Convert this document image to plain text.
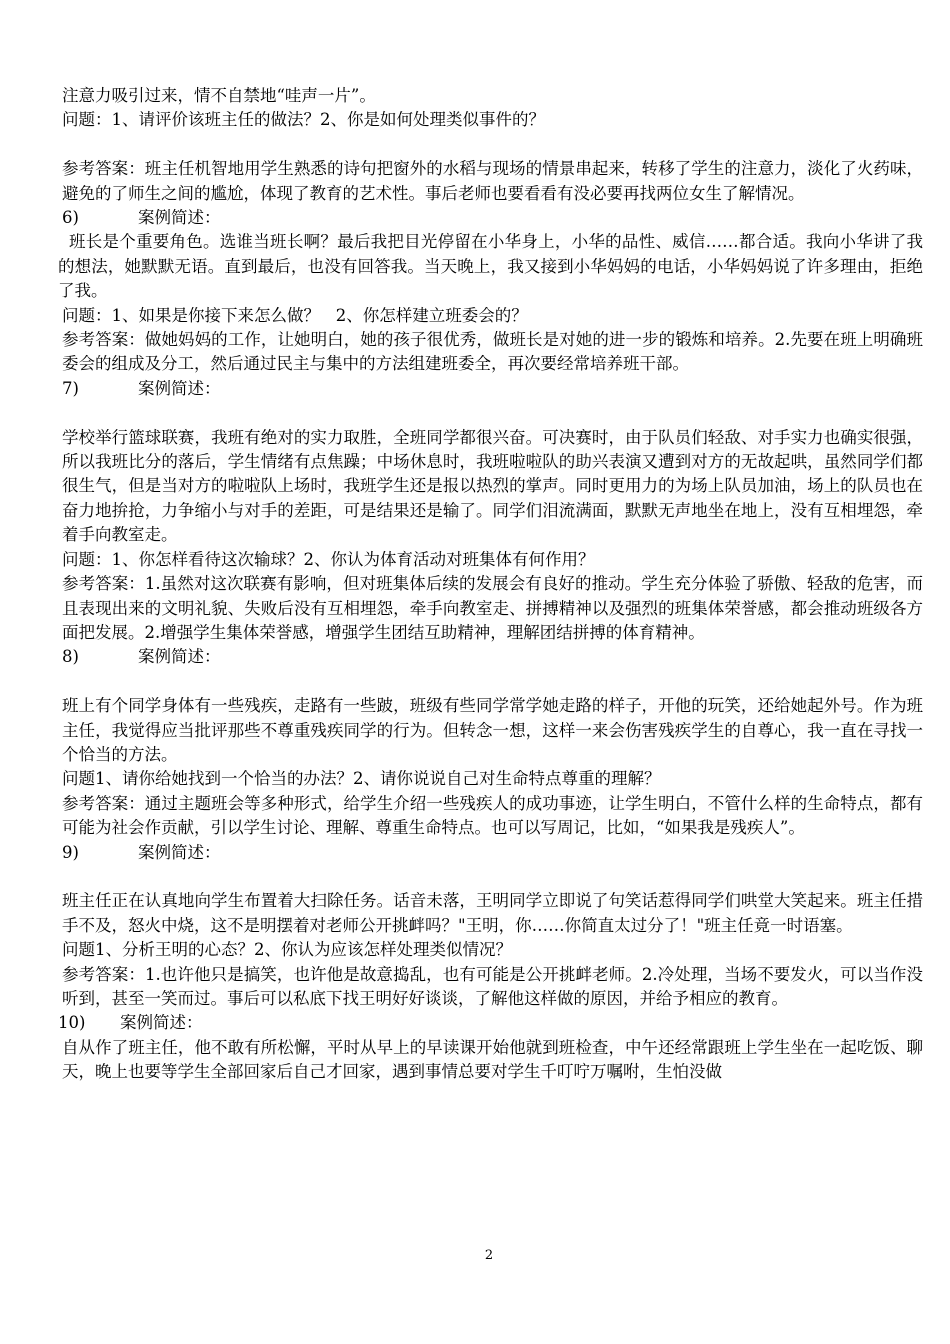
注意力吸引过来，情不自禁地“哇声一片”。

问题：1、请评价该班主任的做法？2、你是如何处理类似事件的？

参考答案：班主任机智地用学生熟悉的诗句把窗外的水稻与现场的情景串起来，转移了学生的注意力，淡化了火药味，避免的了师生之间的尴尬，体现了教育的艺术性。事后老师也要看看有没必要再找两位女生了解情况。

6)	案例简述：

班长是个重要角色。选谁当班长啊？最后我把目光停留在小华身上，小华的品性、威信……都合适。我向小华讲了我的想法，她默默无语。直到最后，也没有回答我。当天晚上，我又接到小华妈妈的电话，小华妈妈说了许多理由，拒绝了我。

问题：1、如果是你接下来怎么做？   2、你怎样建立班委会的？

参考答案：做她妈妈的工作，让她明白，她的孩子很优秀，做班长是对她的进一步的锻炼和培养。2.先要在班上明确班委会的组成及分工，然后通过民主与集中的方法组建班委全，再次要经常培养班干部。

7)	案例简述：

学校举行篮球联赛，我班有绝对的实力取胜，全班同学都很兴奋。可决赛时，由于队员们轻敌、对手实力也确实很强，所以我班比分的落后，学生情绪有点焦躁；中场休息时，我班啦啦队的助兴表演又遭到对方的无故起哄，虽然同学们都很生气，但是当对方的啦啦队上场时，我班学生还是报以热烈的掌声。同时更用力的为场上队员加油，场上的队员也在奋力地拚抢，力争缩小与对手的差距，可是结果还是输了。同学们泪流满面，默默无声地坐在地上，没有互相埋怨，牵着手向教室走。

问题：1、你怎样看待这次输球？2、你认为体育活动对班集体有何作用？

参考答案：1.虽然对这次联赛有影响，但对班集体后续的发展会有良好的推动。学生充分体验了骄傲、轻敌的危害，而且表现出来的文明礼貌、失败后没有互相埋怨，牵手向教室走、拼搏精神以及强烈的班集体荣誉感，都会推动班级各方面把发展。2.增强学生集体荣誉感，增强学生团结互助精神，理解团结拼搏的体育精神。

8)	案例简述：

班上有个同学身体有一些残疾，走路有一些跛，班级有些同学常学她走路的样子，开他的玩笑，还给她起外号。作为班主任，我觉得应当批评那些不尊重残疾同学的行为。但转念一想，这样一来会伤害残疾学生的自尊心，我一直在寻找一个恰当的方法。

问题1、请你给她找到一个恰当的办法？2、请你说说自己对生命特点尊重的理解？

参考答案：通过主题班会等多种形式，给学生介绍一些残疾人的成功事迹，让学生明白，不管什么样的生命特点，都有可能为社会作贡献，引以学生讨论、理解、尊重生命特点。也可以写周记，比如，“如果我是残疾人”。

9)	案例简述：

班主任正在认真地向学生布置着大扫除任务。话音未落，王明同学立即说了句笑话惹得同学们哄堂大笑起来。班主任措手不及，怒火中烧，这不是明摆着对老师公开挑衅吗？"王明，你……你简直太过分了！"班主任竟一时语塞。

问题1、分析王明的心态？2、你认为应该怎样处理类似情况？

参考答案：1.也许他只是搞笑，也许他是故意捣乱，也有可能是公开挑衅老师。2.冷处理，当场不要发火，可以当作没听到，甚至一笑而过。事后可以私底下找王明好好谈谈，了解他这样做的原因，并给予相应的教育。

10)	案例简述：

自从作了班主任，他不敢有所松懈，平时从早上的早读课开始他就到班检查，中午还经常跟班上学生坐在一起吃饭、聊天，晚上也要等学生全部回家后自己才回家，遇到事情总要对学生千叮咛万嘱咐，生怕没做

2
